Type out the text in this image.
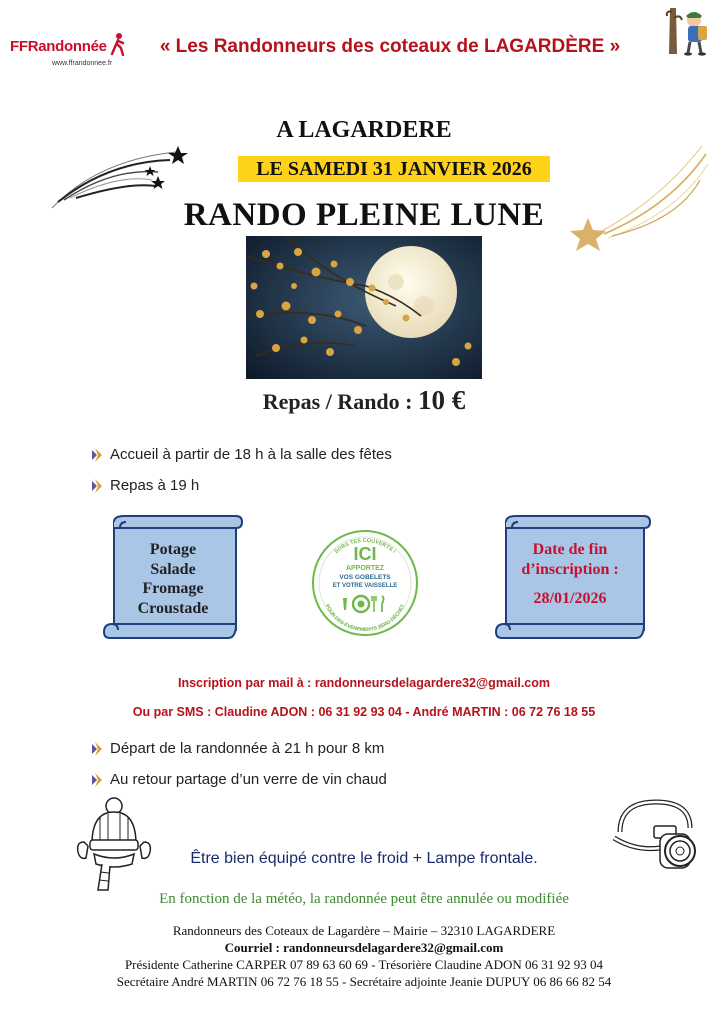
FFRandonnée
www.ffrandonnee.fr
« Les Randonneurs des coteaux de LAGARDÈRE »
A LAGARDERE
LE SAMEDI 31 JANVIER 2026
RANDO PLEINE LUNE
Repas / Rando : 10 €
Accueil à partir de 18 h à la salle des fêtes
Repas à 19 h
Potage
Salade
Fromage
Croustade
SORS TES COUVERTS !
POUR DES ÉVÉNEMENTS ZÉRO DÉCHET
ICI
APPORTEZ
VOS GOBELETS
ET VOTRE VAISSELLE
Date de fin
d’inscription :
28/01/2026
Inscription par mail à : randonneursdelagardere32@gmail.com
Ou par SMS : Claudine ADON : 06 31 92 93 04 - André MARTIN : 06 72 76 18 55
Départ de la randonnée à 21 h pour 8 km
Au retour partage d’un verre de vin chaud
Être bien équipé contre le froid + Lampe frontale.
En fonction de la météo, la randonnée peut être annulée ou modifiée
Randonneurs des Coteaux de Lagardère – Mairie – 32310 LAGARDERE
Courriel : randonneursdelagardere32@gmail.com
Présidente Catherine CARPER 07 89 63 60 69 - Trésorière Claudine ADON 06 31 92 93 04
Secrétaire André MARTIN 06 72 76 18 55 - Secrétaire adjointe Jeanie DUPUY 06 86 66 82 54
